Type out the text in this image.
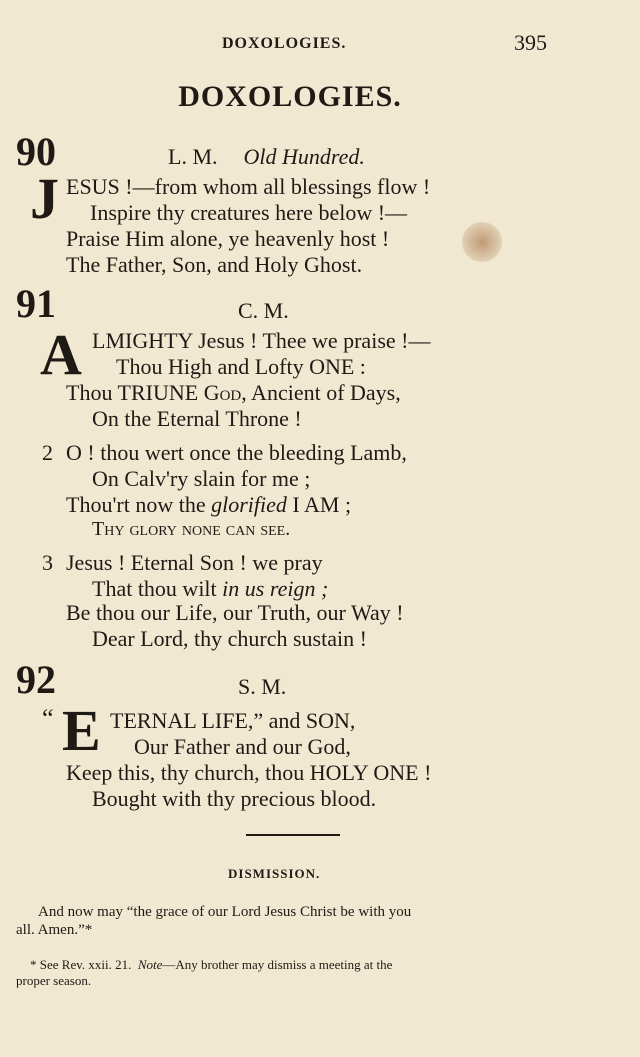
DOXOLOGIES.	395
DOXOLOGIES.
90	L. M. Old Hundred.
J ESUS !—from whom all blessings flow !
Inspire thy creatures here below !—
Praise Him alone, ye heavenly host !
The Father, Son, and Holy Ghost.
91	C. M.
A LMIGHTY Jesus ! Thee we praise !—
Thou High and Lofty ONE :
Thou TRIUNE God, Ancient of Days,
On the Eternal Throne !
2 O ! thou wert once the bleeding Lamb,
On Calv'ry slain for me ;
Thou'rt now the glorified I AM ;
Thy glory none can see.
3 Jesus ! Eternal Son ! we pray
That thou wilt in us reign ;
Be thou our Life, our Truth, our Way !
Dear Lord, thy church sustain !
92	S. M.
“ E TERNAL LIFE,” and SON,
Our Father and our God,
Keep this, thy church, thou HOLY ONE !
Bought with thy precious blood.
DISMISSION.
And now may “the grace of our Lord Jesus Christ be with you
all. Amen.”*
* See Rev. xxii. 21. Note—Any brother may dismiss a meeting at the
proper season.
